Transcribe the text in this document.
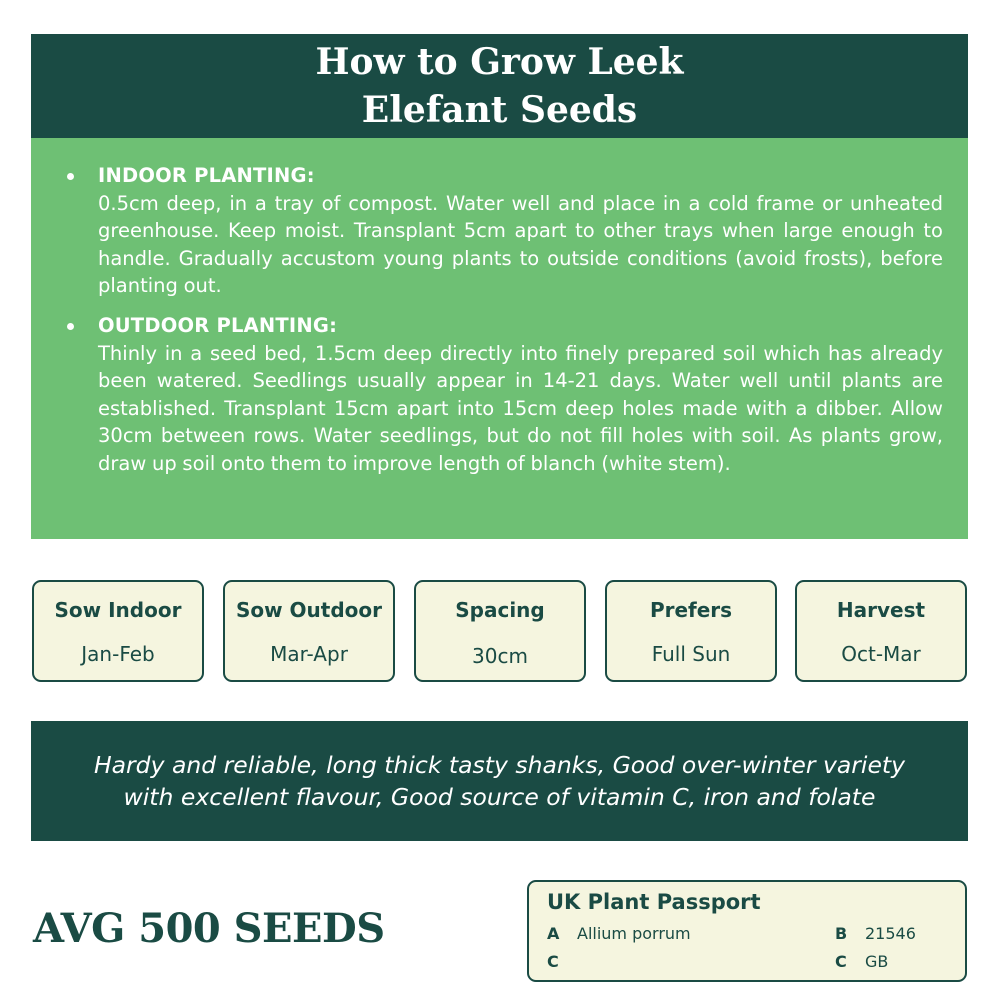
How to Grow Leek
Elefant Seeds
INDOOR PLANTING:
0.5cm deep, in a tray of compost. Water well and place in a cold frame or unheated greenhouse. Keep moist. Transplant 5cm apart to other trays when large enough to handle. Gradually accustom young plants to outside conditions (avoid frosts), before planting out.
OUTDOOR PLANTING:
Thinly in a seed bed, 1.5cm deep directly into finely prepared soil which has already been watered. Seedlings usually appear in 14-21 days. Water well until plants are established. Transplant 15cm apart into 15cm deep holes made with a dibber. Allow 30cm between rows. Water seedlings, but do not fill holes with soil. As plants grow, draw up soil onto them to improve length of blanch (white stem).
Sow Indoor
Jan-Feb
Sow Outdoor
Mar-Apr
Spacing
30cm
Prefers
Full Sun
Harvest
Oct-Mar
Hardy and reliable, long thick tasty shanks, Good over-winter variety
with excellent flavour, Good source of vitamin C, iron and folate
AVG 500 SEEDS
UK Plant Passport
A Allium porrum	B 21546
C	C GB
